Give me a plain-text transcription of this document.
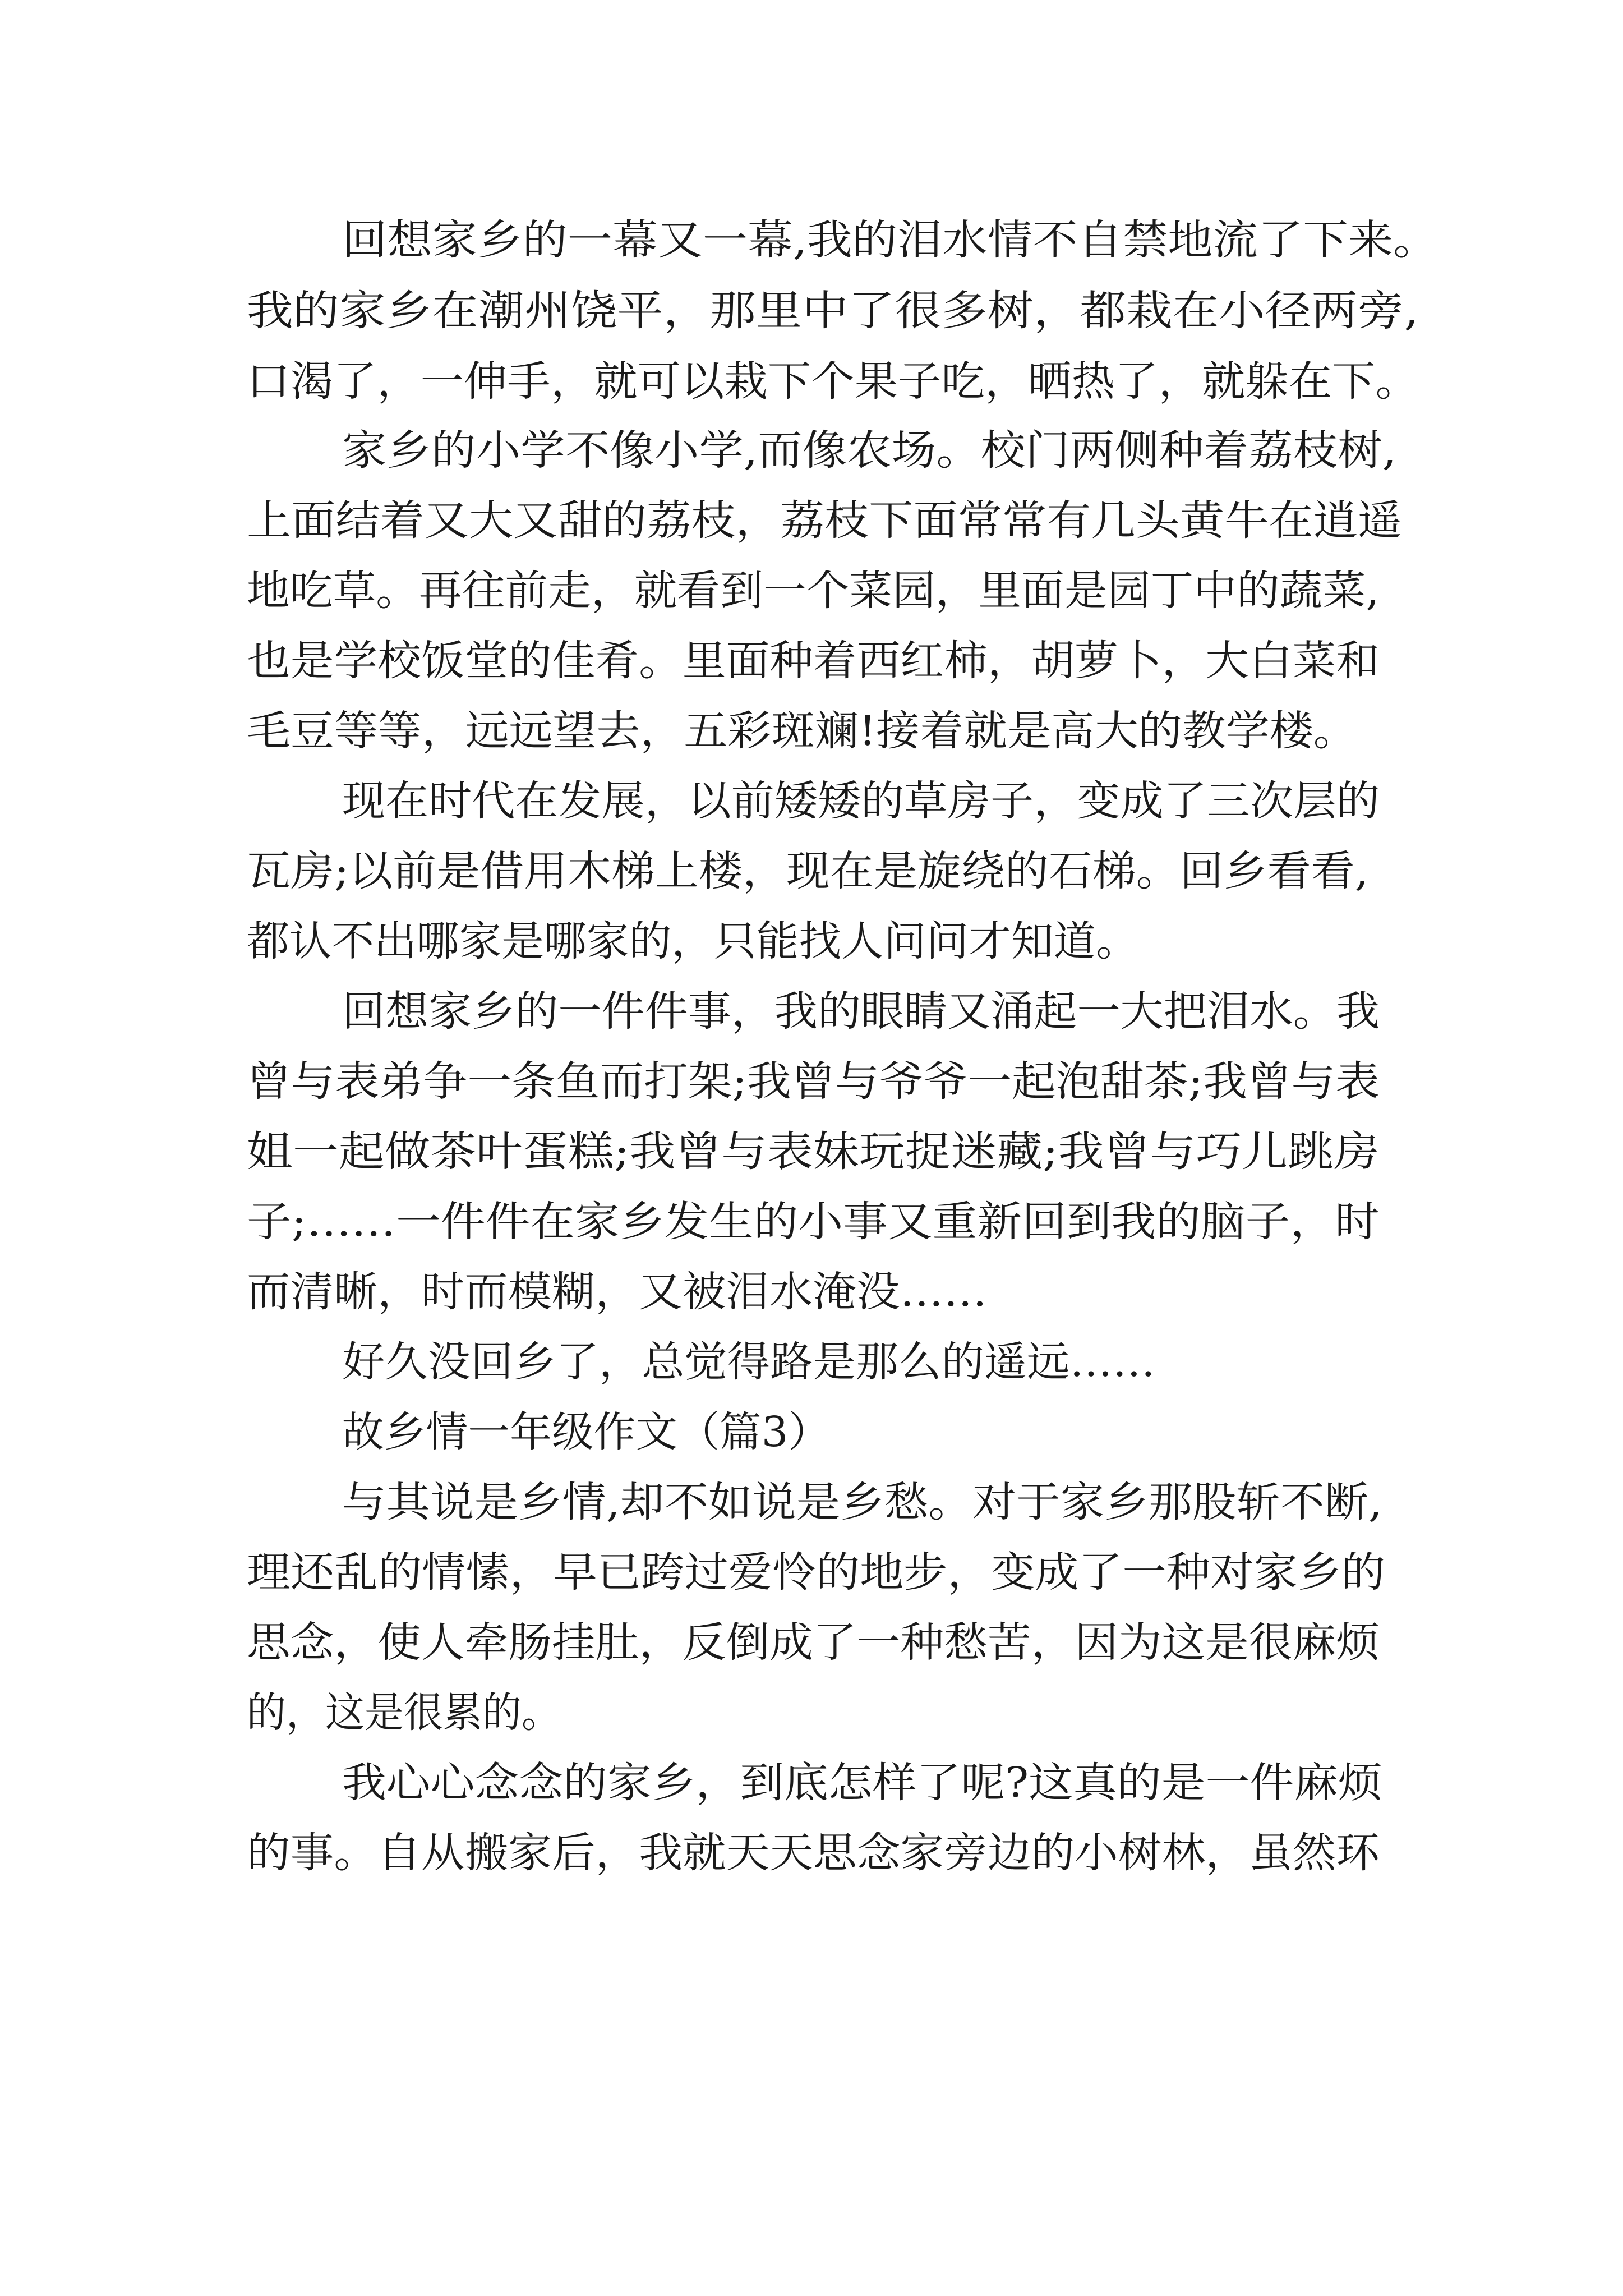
回想家乡的一幕又一幕,我的泪水情不自禁地流了下来。
我的家乡在潮州饶平，那里中了很多树，都栽在小径两旁,
口渴了，一伸手，就可以栽下个果子吃，晒热了，就躲在下。
家乡的小学不像小学,而像农场。校门两侧种着荔枝树,
上面结着又大又甜的荔枝，荔枝下面常常有几头黄牛在逍遥
地吃草。再往前走，就看到一个菜园，里面是园丁中的蔬菜,
也是学校饭堂的佳肴。里面种着西红柿，胡萝卜，大白菜和
毛豆等等，远远望去，五彩斑斓!接着就是高大的教学楼。
现在时代在发展，以前矮矮的草房子，变成了三次层的
瓦房;以前是借用木梯上楼，现在是旋绕的石梯。回乡看看,
都认不出哪家是哪家的，只能找人问问才知道。
回想家乡的一件件事，我的眼睛又涌起一大把泪水。我
曾与表弟争一条鱼而打架;我曾与爷爷一起泡甜茶;我曾与表
姐一起做茶叶蛋糕;我曾与表妹玩捉迷藏;我曾与巧儿跳房
子;……一件件在家乡发生的小事又重新回到我的脑子，时
而清晰，时而模糊，又被泪水淹没……
好久没回乡了，总觉得路是那么的遥远……
故乡情一年级作文（篇3）
与其说是乡情,却不如说是乡愁。对于家乡那股斩不断,
理还乱的情愫，早已跨过爱怜的地步，变成了一种对家乡的
思念，使人牵肠挂肚，反倒成了一种愁苦，因为这是很麻烦
的，这是很累的。
我心心念念的家乡，到底怎样了呢?这真的是一件麻烦
的事。自从搬家后，我就天天思念家旁边的小树林，虽然环
